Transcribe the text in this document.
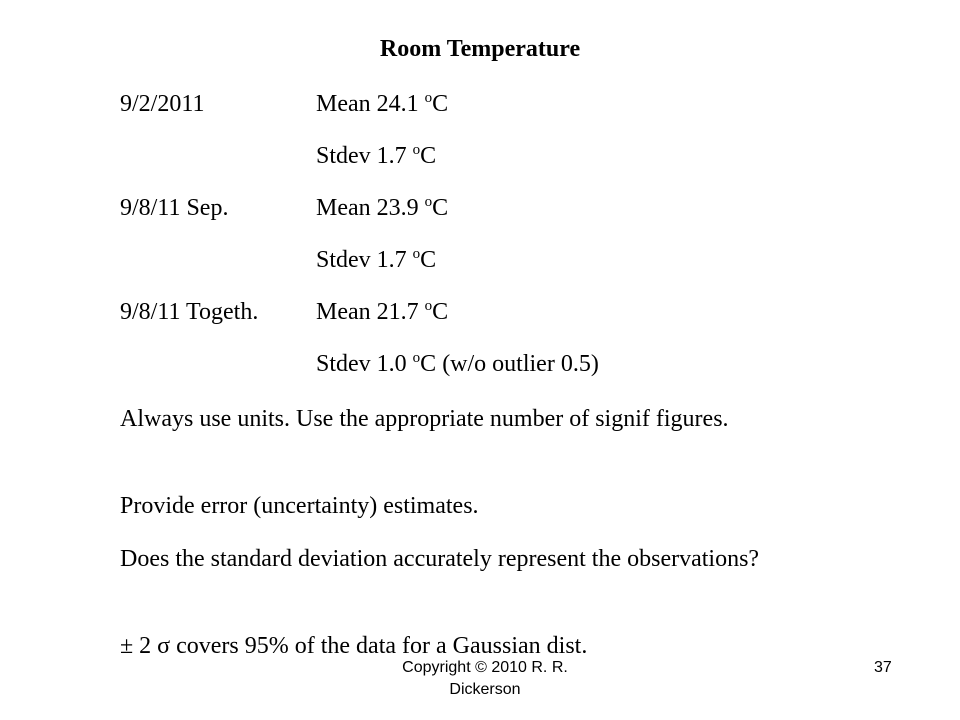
Room Temperature
9/2/2011	Mean 24.1 $^o$C
Stdev 1.7 $^o$C
9/8/11 Sep.	Mean 23.9 $^o$C
Stdev 1.7 $^o$C
9/8/11 Togeth. Mean 21.7 $^o$C
Stdev 1.0 $^o$C (w/o outlier 0.5)
Always use units. Use the appropriate number of signif figures.
Provide error (uncertainty) estimates.
Does the standard deviation accurately represent the observations?
± 2 σ covers 95% of the data for a Gaussian dist.
Copyright © 2010 R. R. Dickerson
37
